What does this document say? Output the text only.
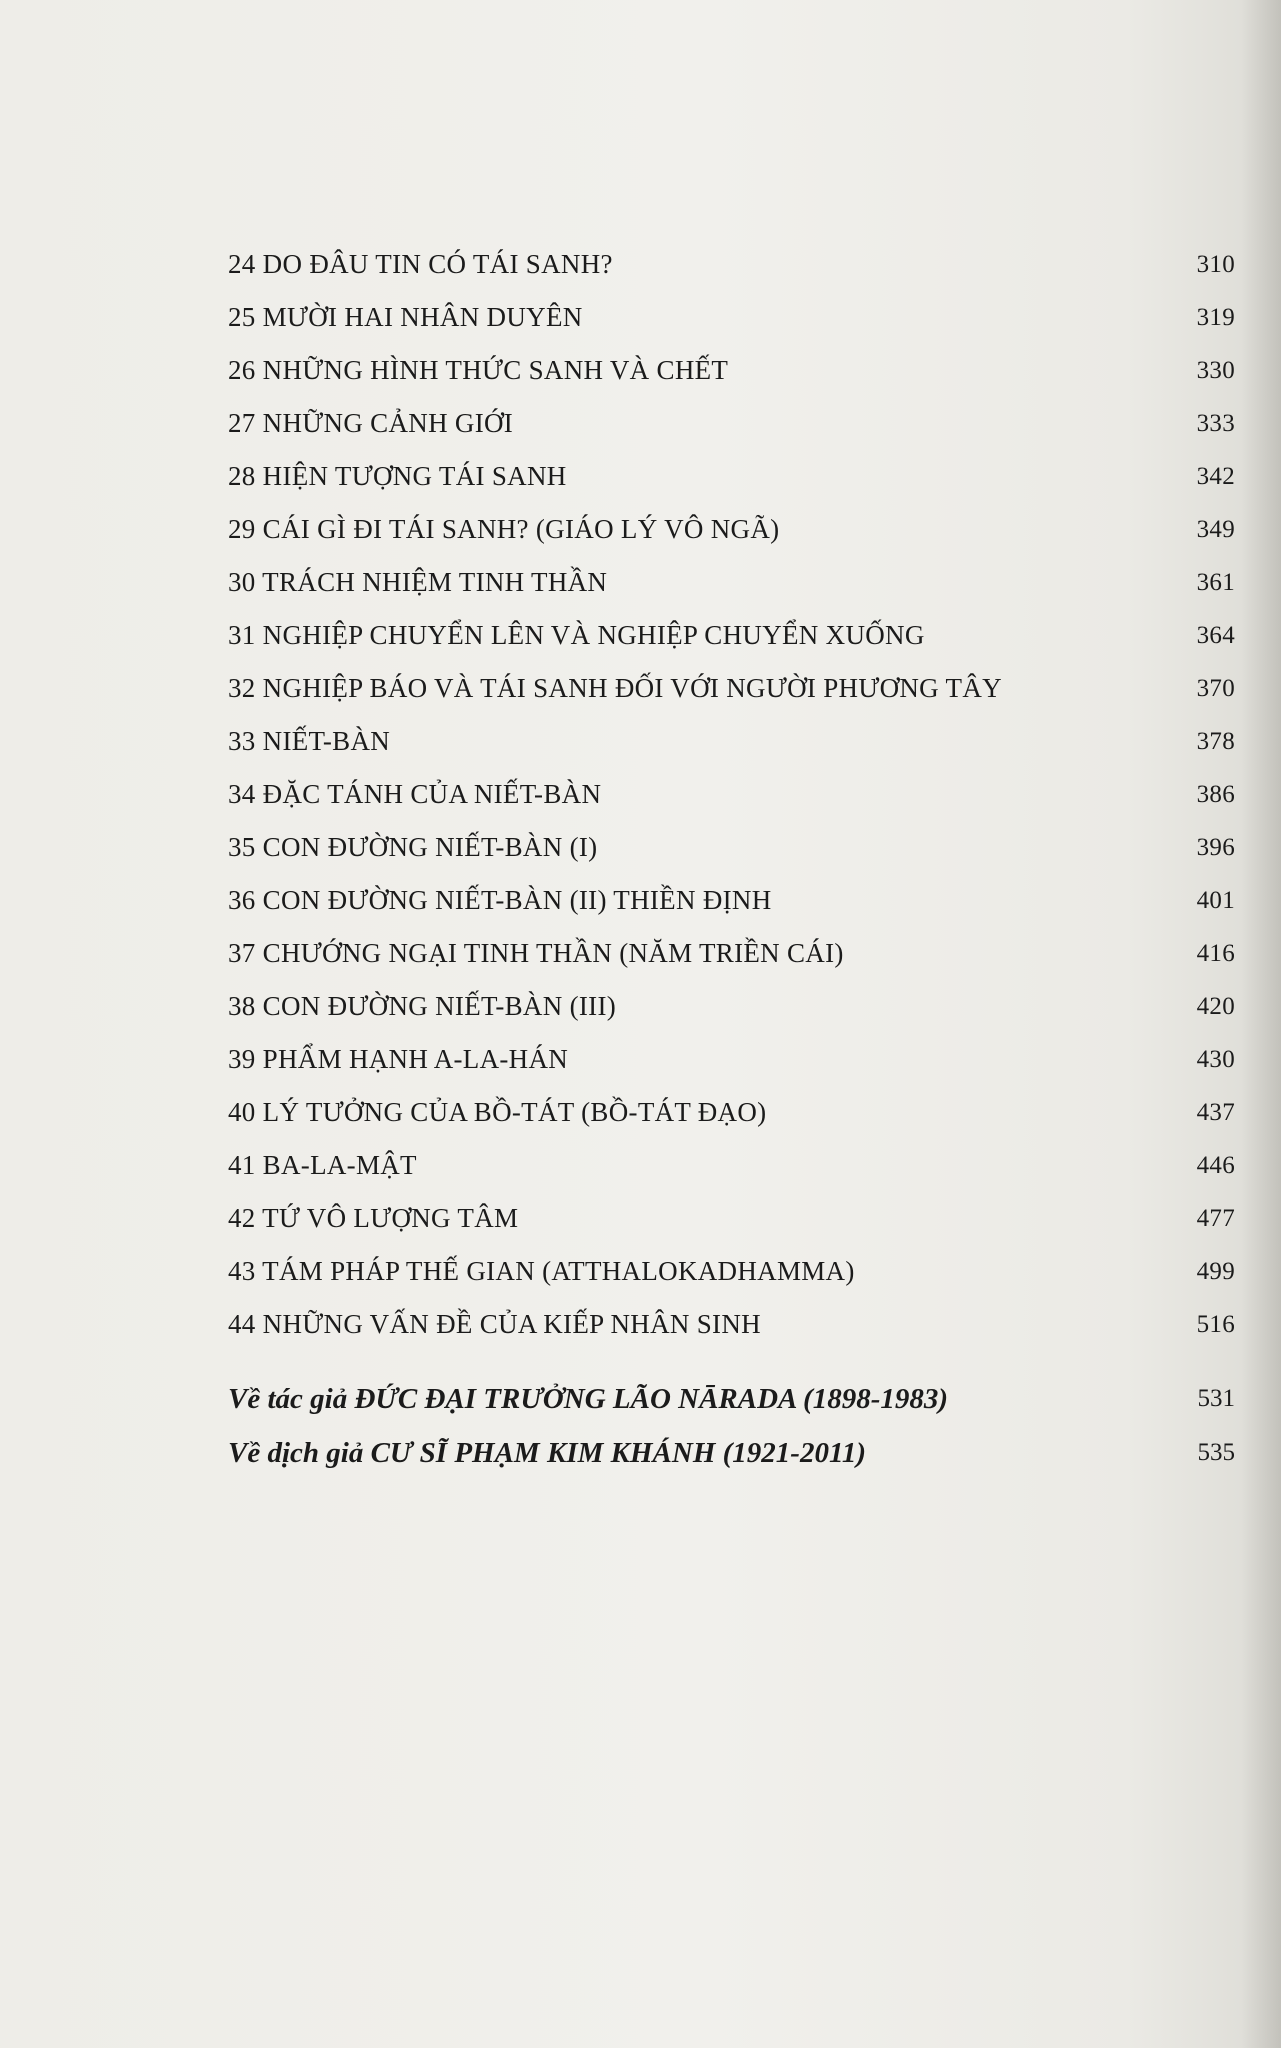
24 DO ĐÂU TIN CÓ TÁI SANH?	310
25 MƯỜI HAI NHÂN DUYÊN	319
26 NHỮNG HÌNH THỨC SANH VÀ CHẾT	330
27 NHỮNG CẢNH GIỚI	333
28 HIỆN TƯỢNG TÁI SANH	342
29 CÁI GÌ ĐI TÁI SANH? (GIÁO LÝ VÔ NGÃ)	349
30 TRÁCH NHIỆM TINH THẦN	361
31 NGHIỆP CHUYỂN LÊN VÀ NGHIỆP CHUYỂN XUỐNG	364
32 NGHIỆP BÁO VÀ TÁI SANH ĐỐI VỚI NGƯỜI PHƯƠNG TÂY	370
33 NIẾT-BÀN	378
34 ĐẶC TÁNH CỦA NIẾT-BÀN	386
35 CON ĐƯỜNG NIẾT-BÀN (I)	396
36 CON ĐƯỜNG NIẾT-BÀN (II) THIỀN ĐỊNH	401
37 CHƯỚNG NGẠI TINH THẦN (NĂM TRIỀN CÁI)	416
38 CON ĐƯỜNG NIẾT-BÀN (III)	420
39 PHẨM HẠNH A-LA-HÁN	430
40 LÝ TƯỞNG CỦA BỒ-TÁT (BỒ-TÁT ĐẠO)	437
41 BA-LA-MẬT	446
42 TỨ VÔ LƯỢNG TÂM	477
43 TÁM PHÁP THẾ GIAN (ATTHALOKADHAMMA)	499
44 NHỮNG VẤN ĐỀ CỦA KIẾP NHÂN SINH	516
Về tác giả ĐỨC ĐẠI TRƯỞNG LÃO NĀRADA (1898-1983)	531
Về dịch giả CƯ SĨ PHẠM KIM KHÁNH (1921-2011)	535
